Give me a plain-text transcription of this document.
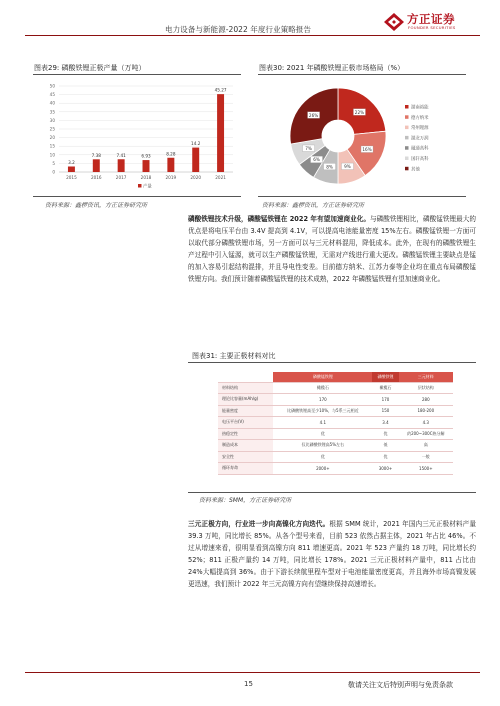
电力设备与新能源-2022 年度行业策略报告
方正证券
FOUNDER SECURITIES
图表29: 磷酸铁锂正极产量（万吨）
0
5
10
15
20
25
30
35
40
45
50
3.2
2015
7.38
2016
7.41
2017
6.93
2018
8.28
2019
14.2
2020
45.27
2021
产量
资料来源：鑫椤资讯，方正证券研究所
图表30: 2021 年磷酸铁锂正极市场格局（%）
22%
16%
9%
8%
6%
7%
26%
湖南裕能
德方纳米
常州锂源
湖北万润
融通高科
国轩高科
其他
资料来源：鑫椤资讯，方正证券研究所
磷酸铁锂技术升级，磷酸锰铁锂在 2022 年有望加速商业化。与磷酸铁锂相比，磷酸锰铁锂最大的优点是将电压平台由 3.4V 提高到 4.1V，可以提高电池能量密度 15%左右。磷酸锰铁锂一方面可以取代部分磷酸铁锂市场，另一方面可以与三元材料混用，降低成本。此外，在现有的磷酸铁锂生产过程中引入锰源，就可以生产磷酸锰铁锂，无需对产线进行重大更改。磷酸锰铁锂主要缺点是锰的加入容易引起结构混排，并且导电性变差。目前德方纳米、江苏力泰等企业均在重点布局磷酸锰铁锂方向。我们预计随着磷酸锰铁锂的技术成熟，2022 年磷酸锰铁锂有望加速商业化。
图表31: 主要正极材料对比
	磷酸锰铁锂	磷酸铁锂	三元材料
材料结构	橄榄石	橄榄石	层状结构
理论比容量(mAh/g)	170	170	280
能量密度	比磷酸铁锂高至少10%，与5系三元相近	150	180-200
电压平台(V)	4.1	3.4	4.3
热稳定性	优	优	约200~300C热分解
制造成本	仅比磷酸铁锂高5%左右	低	高
安全性	优	优	一般
循环寿命	2000+	3000+	1500+
资料来源：SMM，方正证券研究所
三元正极方向，行业进一步向高镍化方向迭代。根据 SMM 统计，2021 年国内三元正极材料产量 39.3 万吨，同比增长 85%。从各个型号来看，目前 523 依然占据主体，2021 年占比 46%。不过从增速来看，很明显看到高镍方向 811 增速更高。2021 年 523 产量约 18 万吨，同比增长约 52%；811 正极产量约 14 万吨，同比增长 178%。2021 三元正极材料产量中，811 占比由 24%大幅提高到 36%。由于下游长续航里程车型对于电池能量密度更高，并且海外市场高镍发展更迅速，我们预计 2022 年三元高镍方向有望继续保持高速增长。
15	敬请关注文后特别声明与免责条款
